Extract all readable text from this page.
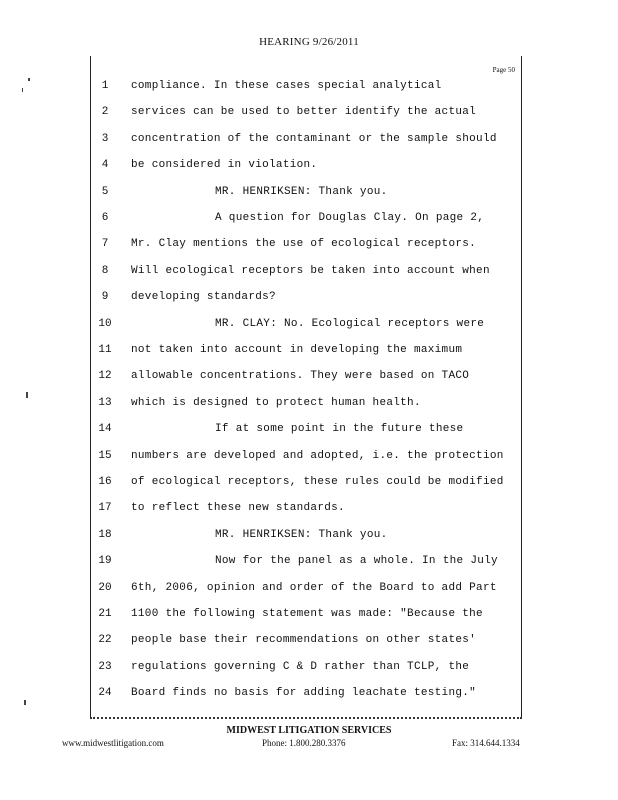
HEARING 9/26/2011
Page 50
1	compliance. In these cases special analytical
2	services can be used to better identify the actual
3	concentration of the contaminant or the sample should
4	be considered in violation.
5	MR. HENRIKSEN: Thank you.
6	A question for Douglas Clay. On page 2,
7	Mr. Clay mentions the use of ecological receptors.
8	Will ecological receptors be taken into account when
9	developing standards?
10	MR. CLAY: No. Ecological receptors were
11	not taken into account in developing the maximum
12	allowable concentrations. They were based on TACO
13	which is designed to protect human health.
14	If at some point in the future these
15	numbers are developed and adopted, i.e. the protection
16	of ecological receptors, these rules could be modified
17	to reflect these new standards.
18	MR. HENRIKSEN: Thank you.
19	Now for the panel as a whole. In the July
20	6th, 2006, opinion and order of the Board to add Part
21	1100 the following statement was made: "Because the
22	people base their recommendations on other states'
23	regulations governing C & D rather than TCLP, the
24	Board finds no basis for adding leachate testing."
MIDWEST LITIGATION SERVICES
www.midwestlitigation.com	Phone: 1.800.280.3376	Fax: 314.644.1334
